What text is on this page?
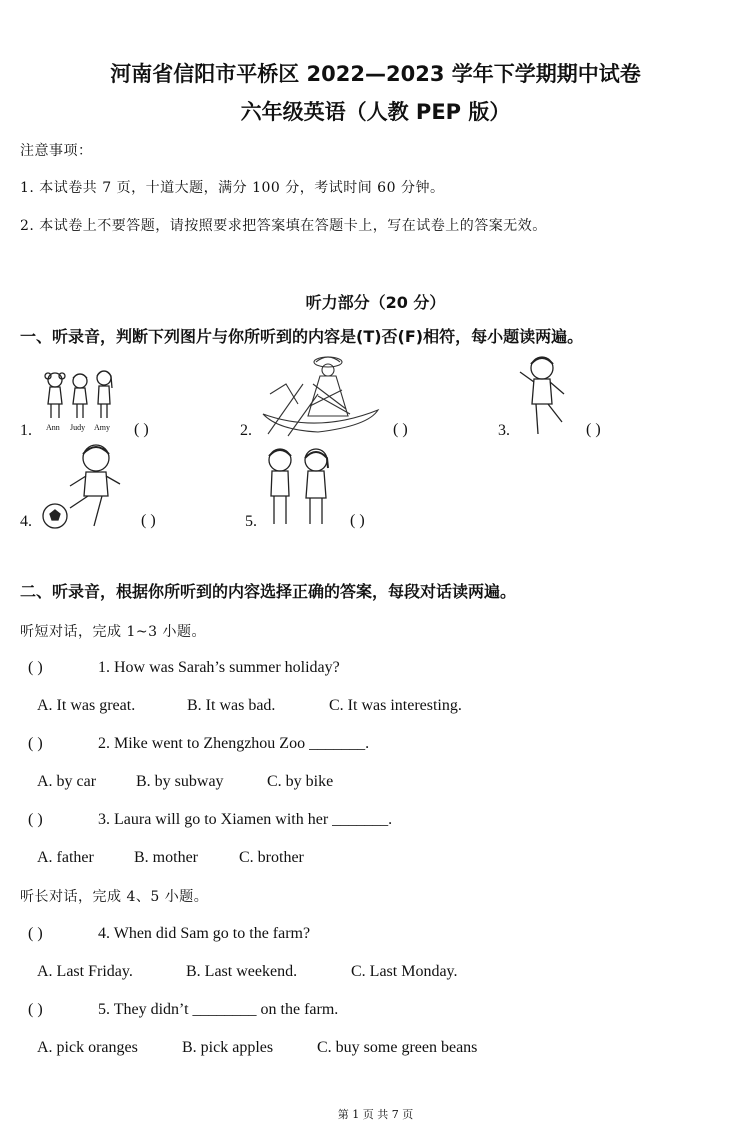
河南省信阳市平桥区 2022—2023 学年下学期期中试卷
六年级英语（人教 PEP 版）
注意事项：
1. 本试卷共 7 页，十道大题，满分 100 分，考试时间 60 分钟。
2. 本试卷上不要答题，请按照要求把答案填在答题卡上，写在试卷上的答案无效。
听力部分（20 分）
一、听录音，判断下列图片与你所听到的内容是(T)否(F)相符，每小题读两遍。
1. Ann Judy Amy ( )	2.	( )	3.	( )
4.	( )	5.	( )
二、听录音，根据你所听到的内容选择正确的答案，每段对话读两遍。
听短对话，完成 1~3 小题。
( )	1. How was Sarah’s summer holiday?
A. It was great.	B. It was bad.	C. It was interesting.
( )	2. Mike went to Zhengzhou Zoo _______.
A. by car B. by subway	C. by bike
( )	3. Laura will go to Xiamen with her _______.
A. father	B. mother	C. brother
听长对话，完成 4、5 小题。
( )	4. When did Sam go to the farm?
A. Last Friday.	B. Last weekend.	C. Last Monday.
( )	5. They didn’t ________ on the farm.
A. pick oranges	B. pick apples	C. buy some green beans
第 1 页 共 7 页
